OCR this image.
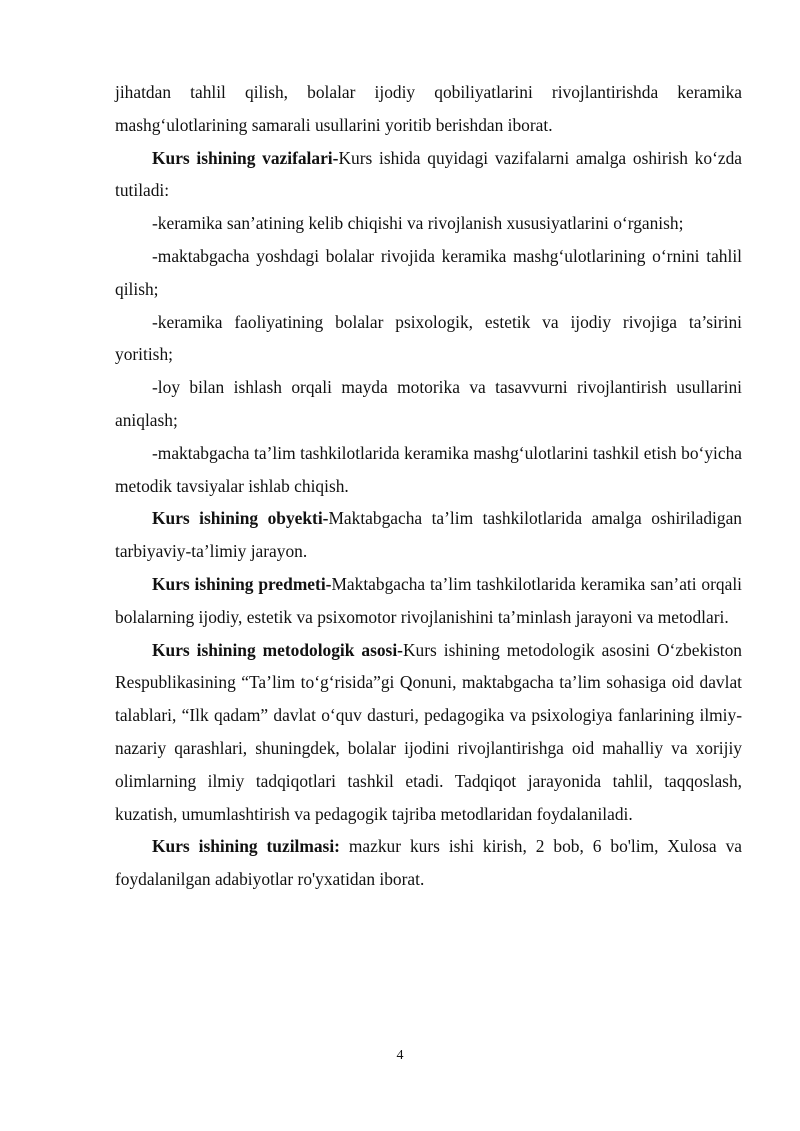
jihatdan tahlil qilish, bolalar ijodiy qobiliyatlarini rivojlantirishda keramika mashg‘ulotlarining samarali usullarini yoritib berishdan iborat.

Kurs ishining vazifalari-Kurs ishida quyidagi vazifalarni amalga oshirish ko‘zda tutiladi:

-keramika san’atining kelib chiqishi va rivojlanish xususiyatlarini o‘rganish;

-maktabgacha yoshdagi bolalar rivojida keramika mashg‘ulotlarining o‘rnini tahlil qilish;

-keramika faoliyatining bolalar psixologik, estetik va ijodiy rivojiga ta’sirini yoritish;

-loy bilan ishlash orqali mayda motorika va tasavvurni rivojlantirish usullarini aniqlash;

-maktabgacha ta’lim tashkilotlarida keramika mashg‘ulotlarini tashkil etish bo‘yicha metodik tavsiyalar ishlab chiqish.

Kurs ishining obyekti-Maktabgacha ta’lim tashkilotlarida amalga oshiriladigan tarbiyaviy-ta’limiy jarayon.

Kurs ishining predmeti-Maktabgacha ta’lim tashkilotlarida keramika san’ati orqali bolalarning ijodiy, estetik va psixomotor rivojlanishini ta’minlash jarayoni va metodlari.

Kurs ishining metodologik asosi-Kurs ishining metodologik asosini O‘zbekiston Respublikasining “Ta’lim to‘g‘risida”gi Qonuni, maktabgacha ta’lim sohasiga oid davlat talablari, “Ilk qadam” davlat o‘quv dasturi, pedagogika va psixologiya fanlarining ilmiy-nazariy qarashlari, shuningdek, bolalar ijodini rivojlantirishga oid mahalliy va xorijiy olimlarning ilmiy tadqiqotlari tashkil etadi. Tadqiqot jarayonida tahlil, taqqoslash, kuzatish, umumlashtirish va pedagogik tajriba metodlaridan foydalaniladi.

Kurs ishining tuzilmasi: mazkur kurs ishi kirish, 2 bob, 6 bo'lim, Xulosa va foydalanilgan adabiyotlar ro'yxatidan iborat.

4
